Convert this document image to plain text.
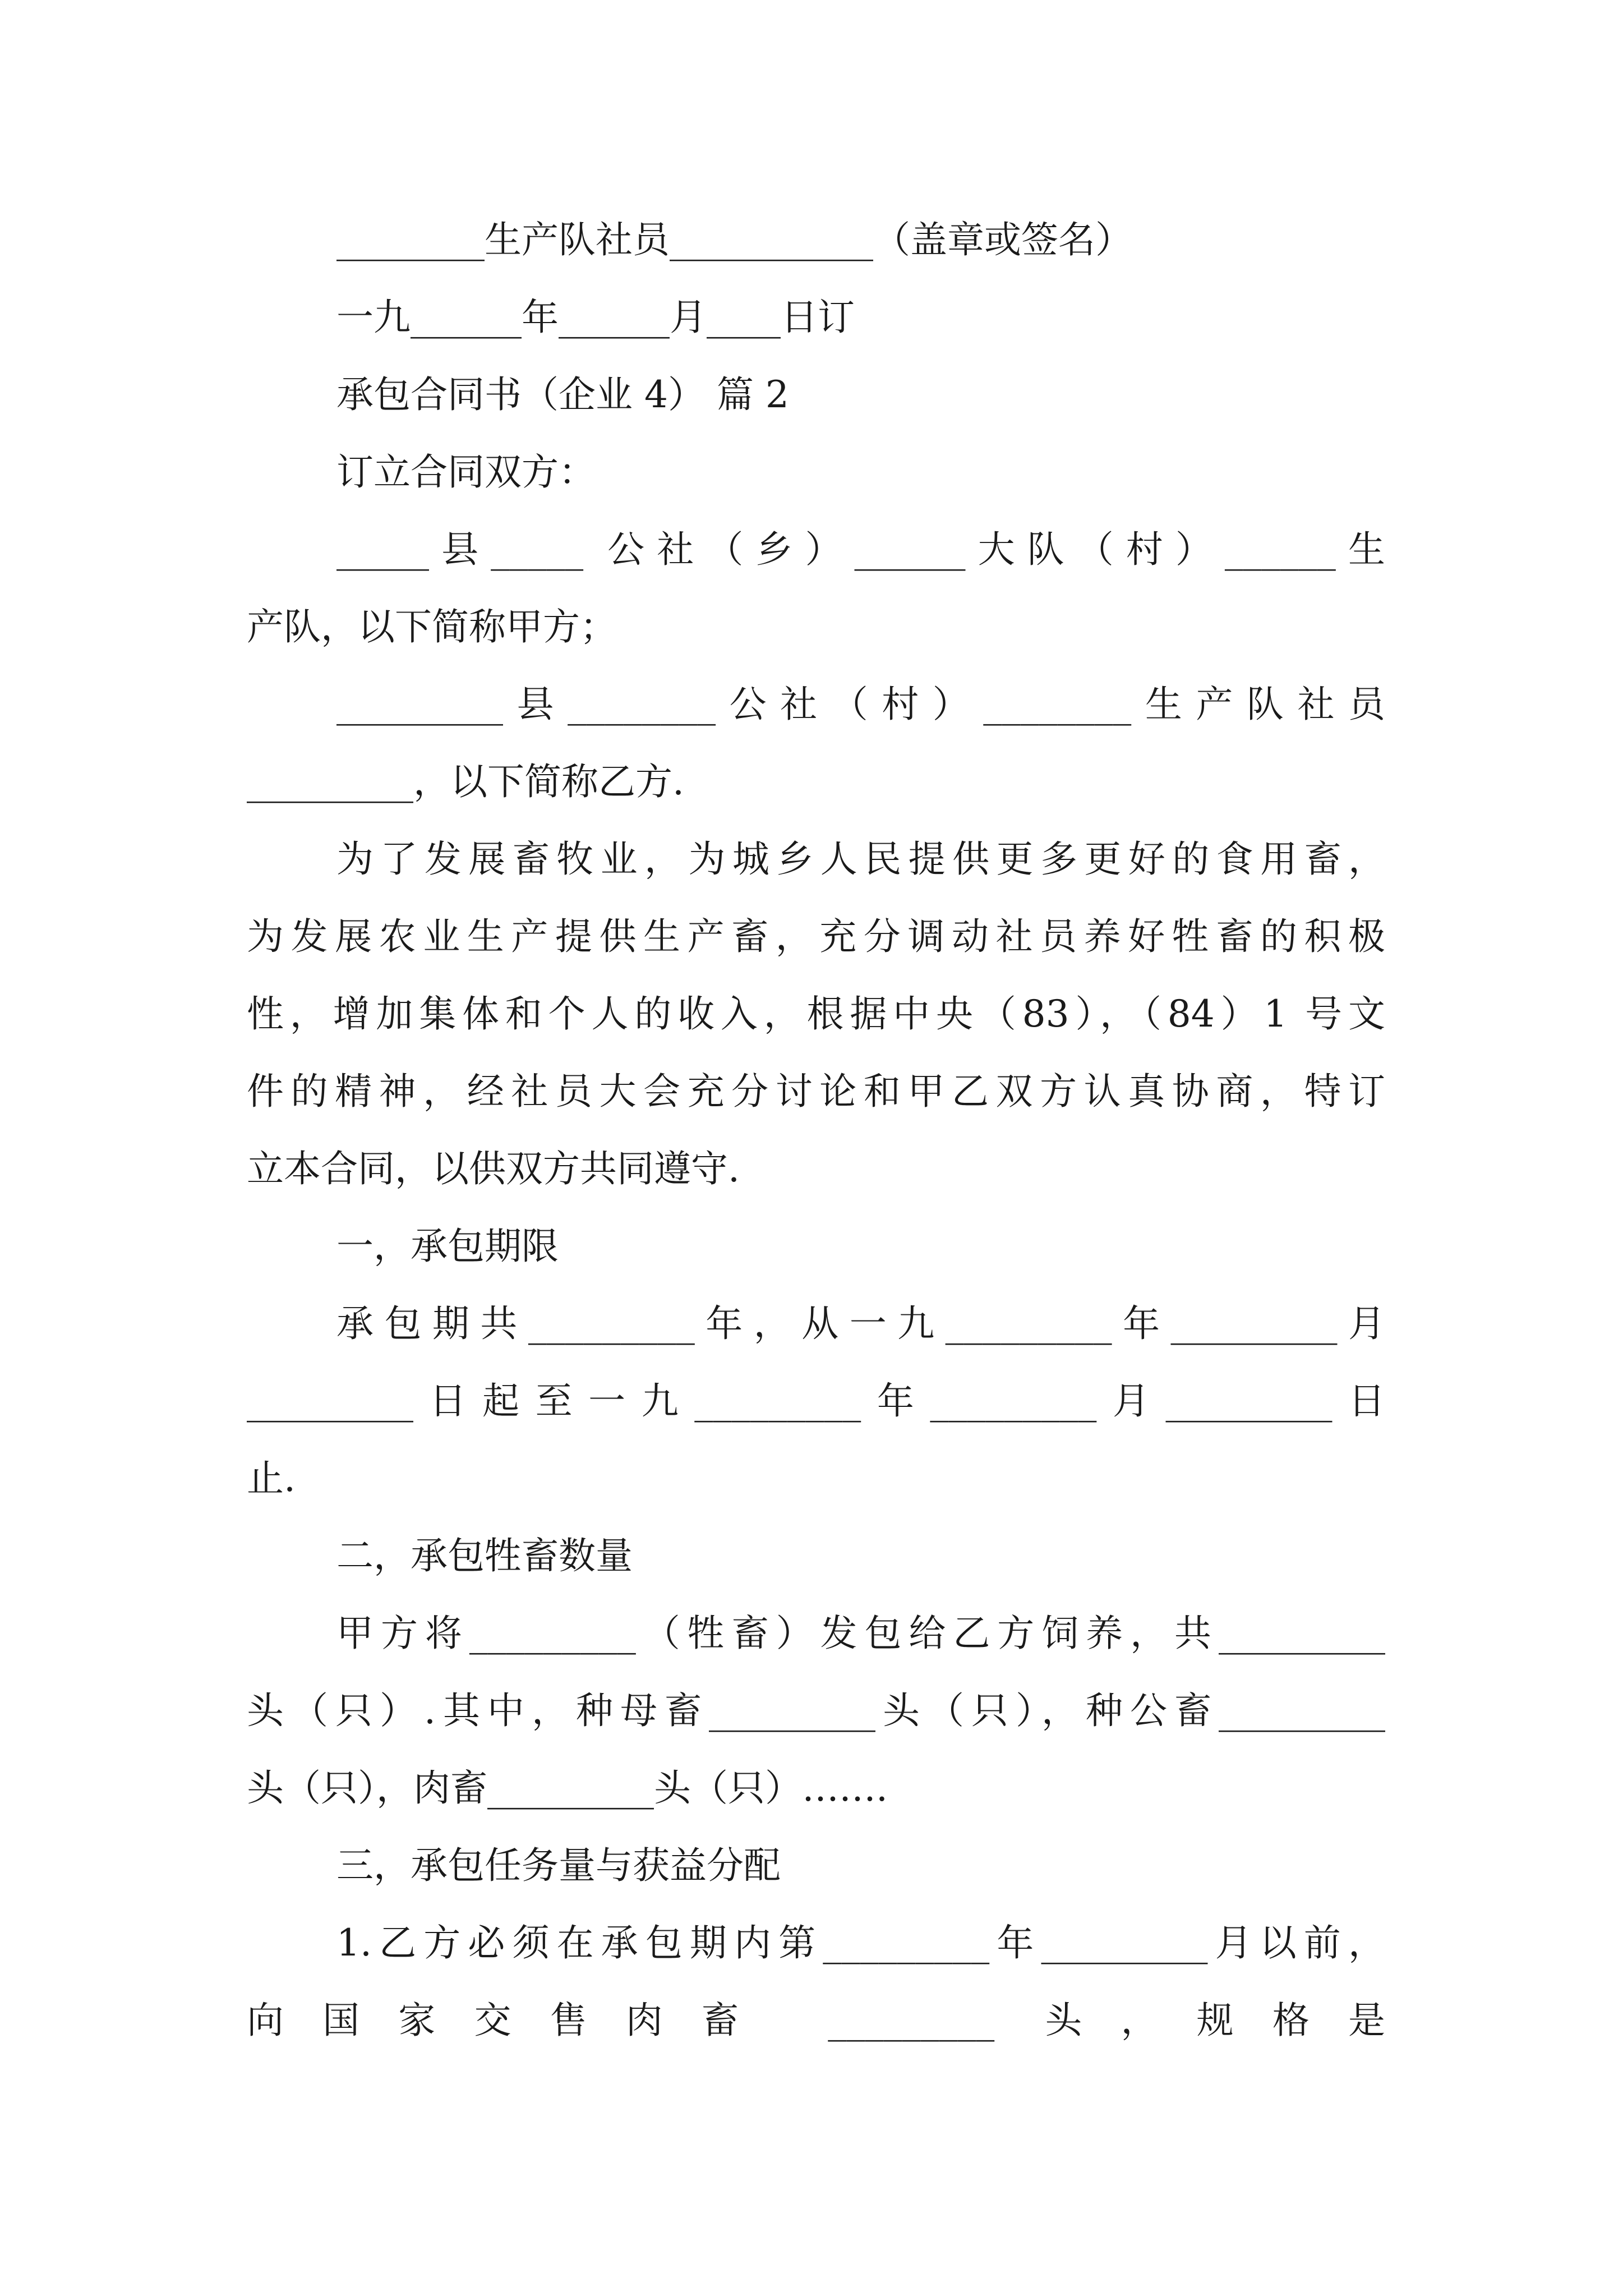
________生产队社员___________（盖章或签名）
一九______年______月____日订
承包合同书（企业 4） 篇 2
订立合同双方：
_____县_____ 公社（乡）______大队（村）______生
产队，以下简称甲方；
_________县________公社（村）________生产队社员
_________，以下简称乙方.
为了发展畜牧业，为城乡人民提供更多更好的食用畜，
为发展农业生产提供生产畜，充分调动社员养好牲畜的积极
性，增加集体和个人的收入，根据中央（83），（84）1 号文
件的精神，经社员大会充分讨论和甲乙双方认真协商，特订
立本合同，以供双方共同遵守.
一，承包期限
承包期共_________年，从一九_________年_________月
_________日起至一九_________年_________月_________日
止.
二，承包牲畜数量
甲方将_________（牲畜）发包给乙方饲养，共_________
头（只）.其中，种母畜_________头（只），种公畜_________
头（只），肉畜_________头（只）…….
三，承包任务量与获益分配
1.乙方必须在承包期内第_________年_________月以前，
向国家交售肉畜 _________ 头，规格是
